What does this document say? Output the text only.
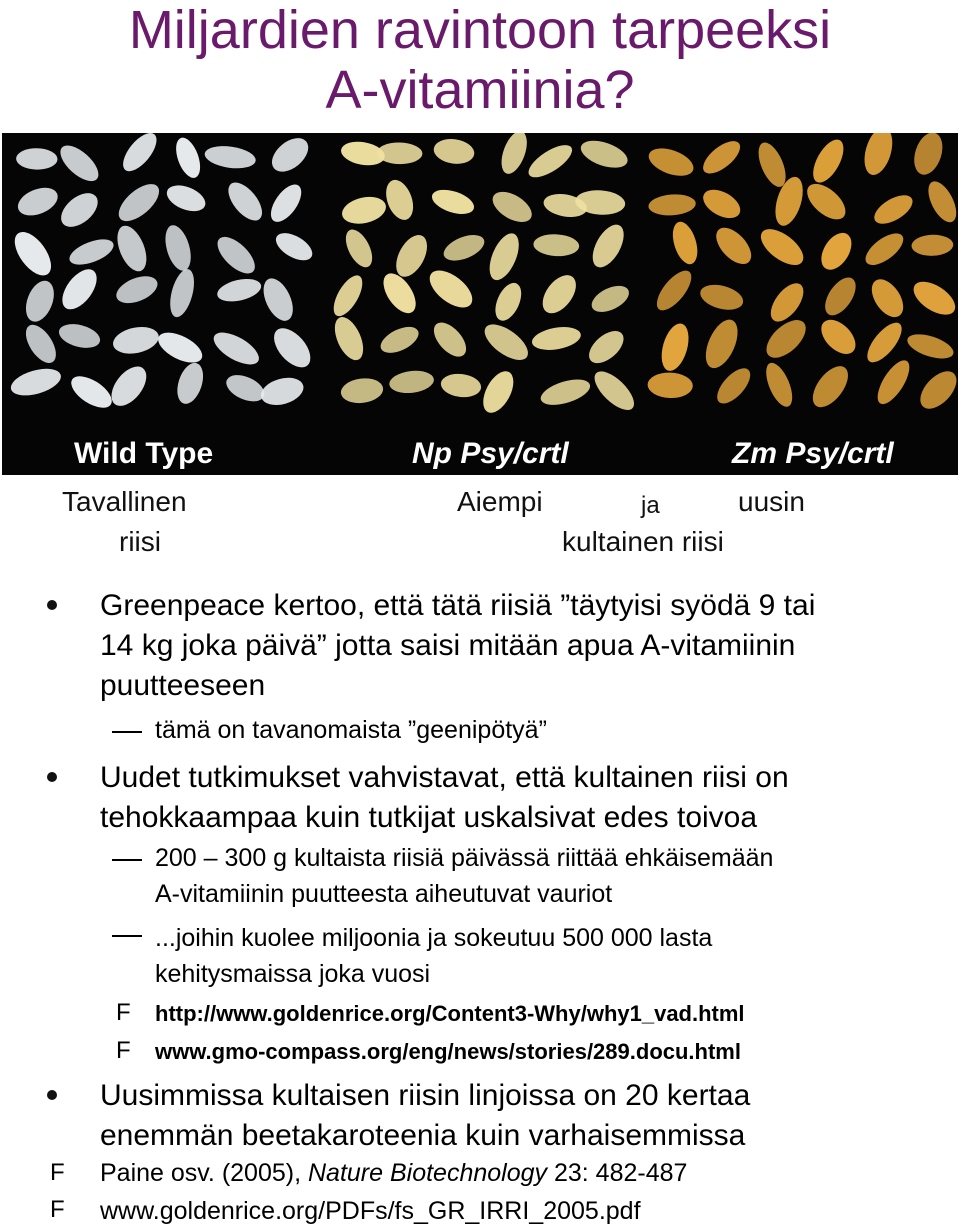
Miljardien ravintoon tarpeeksi
A-vitamiinia?
Wild Type	Np Psy/crtl	Zm Psy/crtl
Tavallinen
riisi
Aiempi	ja	uusin
kultainen riisi
Greenpeace kertoo, että tätä riisiä ”täytyisi syödä 9 tai
14 kg joka päivä” jotta saisi mitään apua A-vitamiinin
puutteeseen
tämä on tavanomaista ”geenipötyä”
Uudet tutkimukset vahvistavat, että kultainen riisi on
tehokkaampaa kuin tutkijat uskalsivat edes toivoa
200 – 300 g kultaista riisiä päivässä riittää ehkäisemään
A-vitamiinin puutteesta aiheutuvat vauriot
...joihin kuolee miljoonia ja sokeutuu 500 000 lasta
kehitysmaissa joka vuosi
F http://www.goldenrice.org/Content3-Why/why1_vad.html
F www.gmo-compass.org/eng/news/stories/289.docu.html
Uusimmissa kultaisen riisin linjoissa on 20 kertaa
enemmän beetakaroteenia kuin varhaisemmissa
F Paine osv. (2005), Nature Biotechnology 23: 482-487
F www.goldenrice.org/PDFs/fs_GR_IRRI_2005.pdf
